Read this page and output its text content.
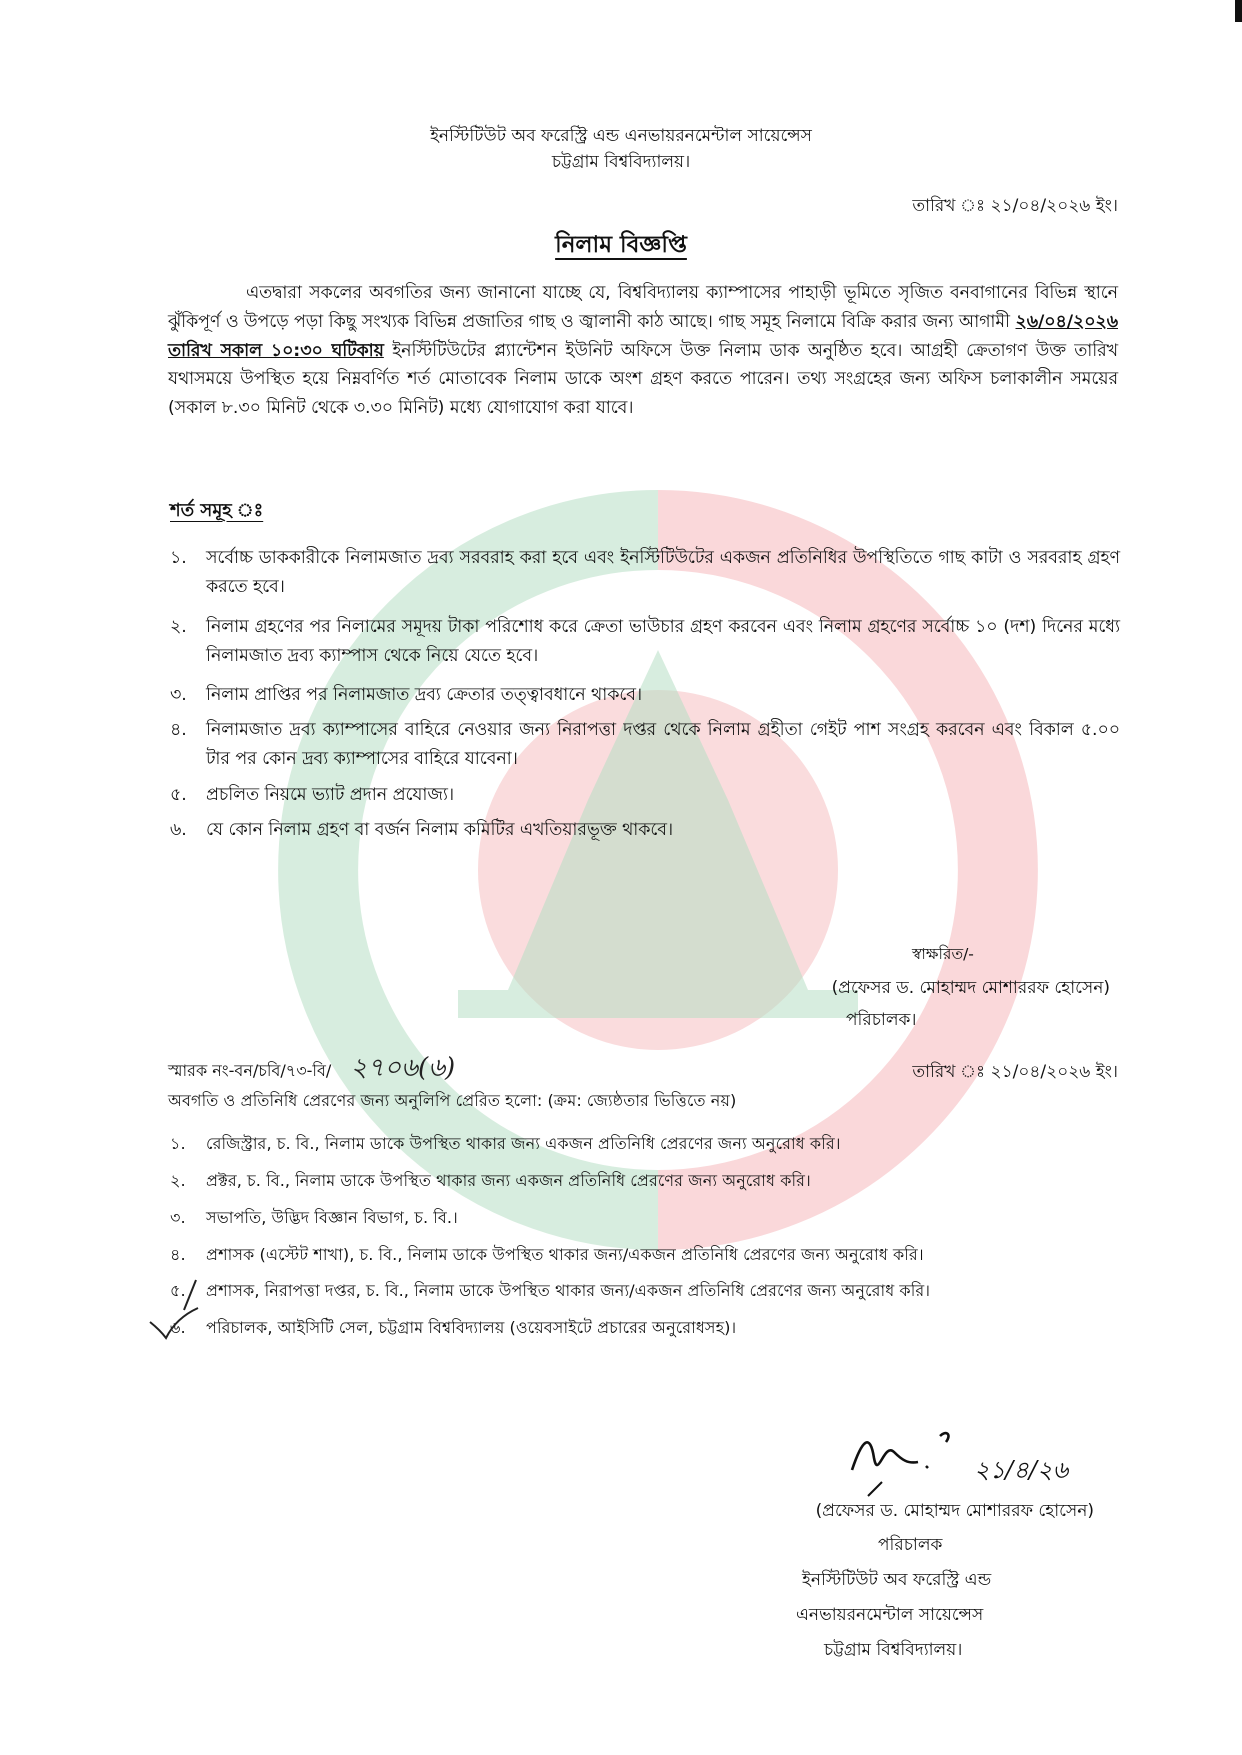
ইনস্টিটিউট অব ফরেস্ট্রি এন্ড এনভায়রনমেন্টাল সায়েন্সেস
চট্টগ্রাম বিশ্ববিদ্যালয়।
তারিখ ঃ ২১/০৪/২০২৬ ইং।
নিলাম বিজ্ঞপ্তি
এতদ্বারা সকলের অবগতির জন্য জানানো যাচ্ছে যে, বিশ্ববিদ্যালয় ক্যাম্পাসের পাহাড়ী ভূমিতে সৃজিত বনবাগানের বিভিন্ন স্থানে ঝুঁকিপূর্ণ ও উপড়ে পড়া কিছু সংখ্যক বিভিন্ন প্রজাতির গাছ ও জ্বালানী কাঠ আছে। গাছ সমূহ নিলামে বিক্রি করার জন্য আগামী ২৬/০৪/২০২৬ তারিখ সকাল ১০:৩০ ঘটিকায় ইনস্টিটিউটের প্ল্যান্টেশন ইউনিট অফিসে উক্ত নিলাম ডাক অনুষ্ঠিত হবে। আগ্রহী ক্রেতাগণ উক্ত তারিখ যথাসময়ে উপস্থিত হয়ে নিম্নবর্ণিত শর্ত মোতাবেক নিলাম ডাকে অংশ গ্রহণ করতে পারেন। তথ্য সংগ্রহের জন্য অফিস চলাকালীন সময়ের (সকাল ৮.৩০ মিনিট থেকে ৩.৩০ মিনিট) মধ্যে যোগাযোগ করা যাবে।
শর্ত সমূহ ঃ
১. সর্বোচ্চ ডাককারীকে নিলামজাত দ্রব্য সরবরাহ করা হবে এবং ইনস্টিটিউটের একজন প্রতিনিধির উপস্থিতিতে গাছ কাটা ও সরবরাহ গ্রহণ করতে হবে।
২. নিলাম গ্রহণের পর নিলামের সমূদয় টাকা পরিশোধ করে ক্রেতা ভাউচার গ্রহণ করবেন এবং নিলাম গ্রহণের সর্বোচ্চ ১০ (দশ) দিনের মধ্যে নিলামজাত দ্রব্য ক্যাম্পাস থেকে নিয়ে যেতে হবে।
৩. নিলাম প্রাপ্তির পর নিলামজাত দ্রব্য ক্রেতার তত্ত্বাবধানে থাকবে।
৪. নিলামজাত দ্রব্য ক্যাম্পাসের বাহিরে নেওয়ার জন্য নিরাপত্তা দপ্তর থেকে নিলাম গ্রহীতা গেইট পাশ সংগ্রহ করবেন এবং বিকাল ৫.০০ টার পর কোন দ্রব্য ক্যাম্পাসের বাহিরে যাবেনা।
৫. প্রচলিত নিয়মে ভ্যাট প্রদান প্রযোজ্য।
৬. যে কোন নিলাম গ্রহণ বা বর্জন নিলাম কমিটির এখতিয়ারভূক্ত থাকবে।
স্বাক্ষরিত/-
(প্রফেসর ড. মোহাম্মদ মোশাররফ হোসেন)
পরিচালক।
স্মারক নং-বন/চবি/৭৩-বি/ ২৭০৬(৬)	তারিখ ঃ ২১/০৪/২০২৬ ইং।
অবগতি ও প্রতিনিধি প্রেরণের জন্য অনুলিপি প্রেরিত হলো: (ক্রম: জ্যেষ্ঠতার ভিত্তিতে নয়)
১. রেজিস্ট্রার, চ. বি., নিলাম ডাকে উপস্থিত থাকার জন্য একজন প্রতিনিধি প্রেরণের জন্য অনুরোধ করি।
২. প্রক্টর, চ. বি., নিলাম ডাকে উপস্থিত থাকার জন্য একজন প্রতিনিধি প্রেরণের জন্য অনুরোধ করি।
৩. সভাপতি, উদ্ভিদ বিজ্ঞান বিভাগ, চ. বি.।
৪. প্রশাসক (এস্টেট শাখা), চ. বি., নিলাম ডাকে উপস্থিত থাকার জন্য/একজন প্রতিনিধি প্রেরণের জন্য অনুরোধ করি।
৫. প্রশাসক, নিরাপত্তা দপ্তর, চ. বি., নিলাম ডাকে উপস্থিত থাকার জন্য/একজন প্রতিনিধি প্রেরণের জন্য অনুরোধ করি।
৬. পরিচালক, আইসিটি সেল, চট্টগ্রাম বিশ্ববিদ্যালয় (ওয়েবসাইটে প্রচারের অনুরোধসহ)।
২১/৪/২৬
(প্রফেসর ড. মোহাম্মদ মোশাররফ হোসেন)
পরিচালক
ইনস্টিটিউট অব ফরেস্ট্রি এন্ড
এনভায়রনমেন্টাল সায়েন্সেস
চট্টগ্রাম বিশ্ববিদ্যালয়।
